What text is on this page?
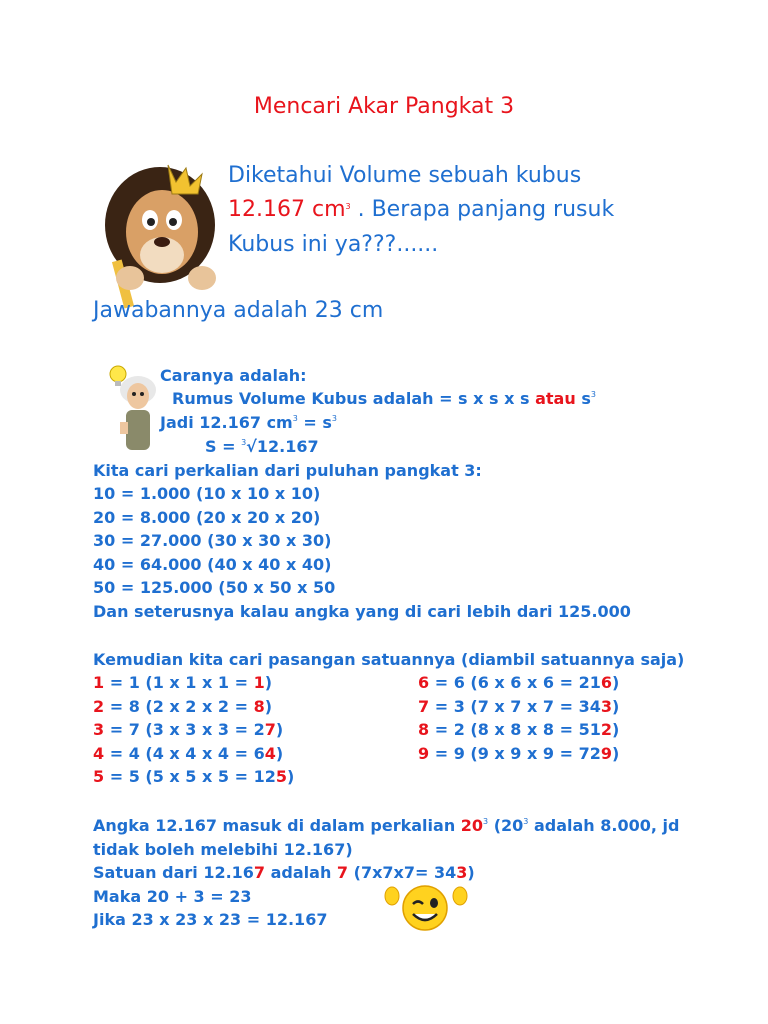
Mencari Akar Pangkat 3
Diketahui Volume sebuah kubus
12.167 $cm^3$ . Berapa panjang rusuk
Kubus ini ya???......
Jawabannya adalah 23 cm
Caranya adalah:
Rumus Volume Kubus adalah = s x s x s atau $s^3$
Jadi 12.167 $cm^3 = s^3$
S = $^3$√12.167
Kita cari perkalian dari puluhan pangkat 3:
10 = 1.000 (10 x 10 x 10)
20 = 8.000 (20 x 20 x 20)
30 = 27.000 (30 x 30 x 30)
40 = 64.000 (40 x 40 x 40)
50 = 125.000 (50 x 50 x 50
Dan seterusnya kalau angka yang di cari lebih dari 125.000
Kemudian kita cari pasangan satuannya (diambil satuannya saja)
1 = 1 (1 x 1 x 1 = 1)
2 = 8 (2 x 2 x 2 = 8)
3 = 7 (3 x 3 x 3 = 27)
4 = 4 (4 x 4 x 4 = 64)
5 = 5 (5 x 5 x 5 = 125)
6 = 6 (6 x 6 x 6 = 216)
7 = 3 (7 x 7 x 7 = 343)
8 = 2 (8 x 8 x 8 = 512)
9 = 9 (9 x 9 x 9 = 729)
Angka 12.167 masuk di dalam perkalian $20^3$ ($20^3$ adalah 8.000, jd
tidak boleh melebihi 12.167)
Satuan dari 12.167 adalah 7 (7x7x7= 343)
Maka 20 + 3 = 23
Jika 23 x 23 x 23 = 12.167
